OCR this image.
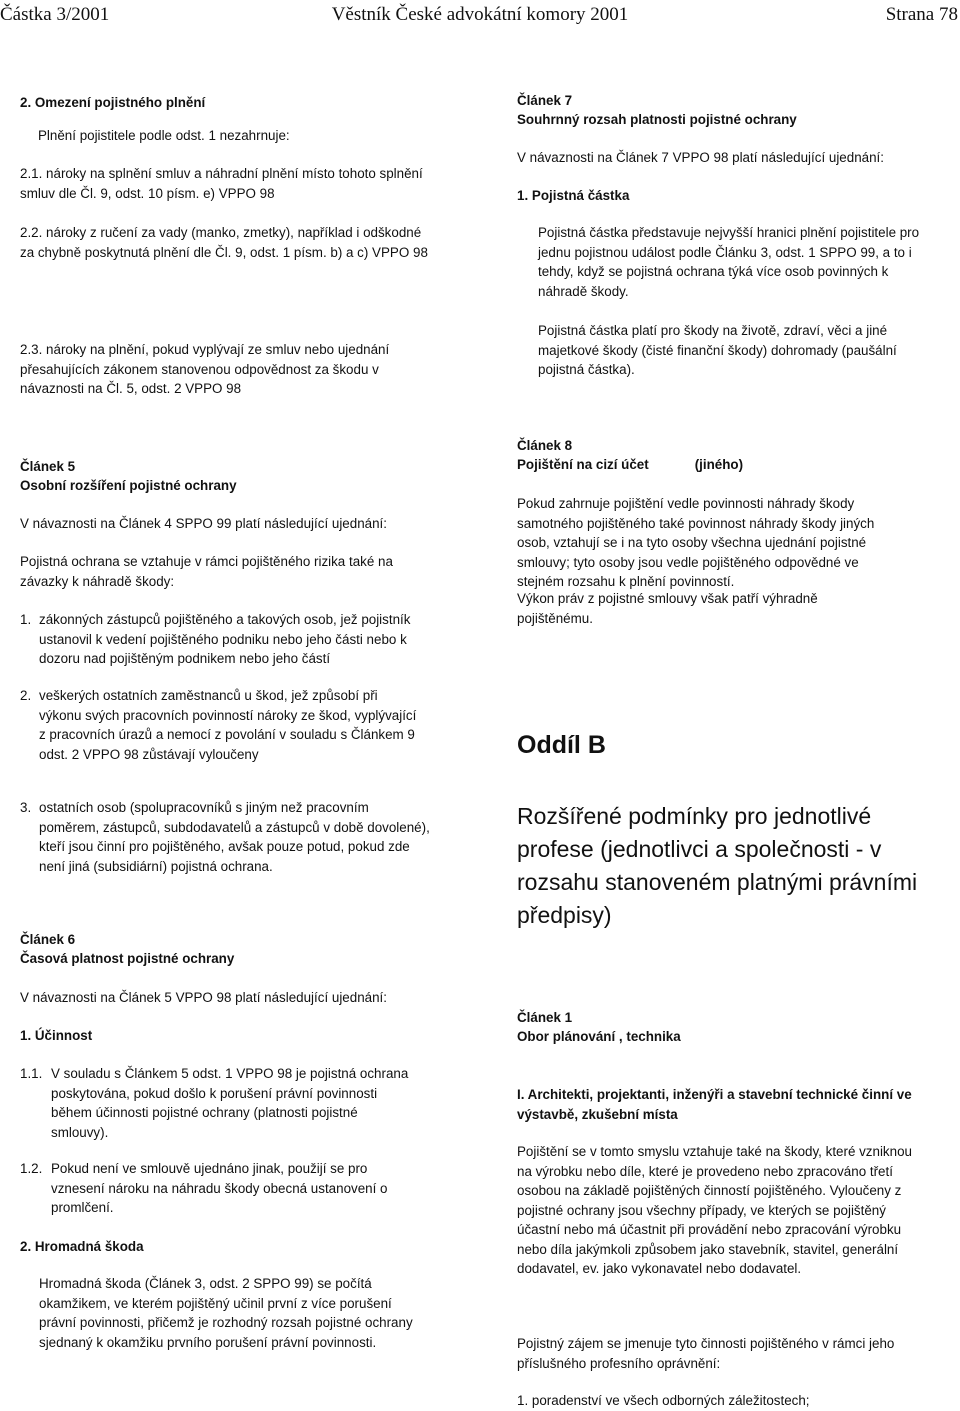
Částka 3/2001	Věstník České advokátní komory 2001	Strana 78

2. Omezení pojistného plnění

Plnění pojistitele podle odst. 1 nezahrnuje:

2.1. nároky na splnění smluv a náhradní plnění místo tohoto splnění smluv dle Čl. 9, odst. 10 písm. e) VPPO 98

2.2. nároky z ručení za vady (manko, zmetky), například i odškodné za chybně poskytnutá plnění dle Čl. 9, odst. 1 písm. b) a c) VPPO 98

2.3. nároky na plnění, pokud vyplývají ze smluv nebo ujednání přesahujících zákonem stanovenou odpovědnost za škodu v návaznosti na Čl. 5, odst. 2 VPPO 98

Článek 5

Osobní rozšíření pojistné ochrany

V návaznosti na Článek 4 SPPO 99 platí následující ujednání:

Pojistná ochrana se vztahuje v rámci pojištěného rizika také na závazky k náhradě škody:

1. zákonných zástupců pojištěného a takových osob, jež pojistník ustanovil k vedení pojištěného podniku nebo jeho části nebo k dozoru nad pojištěným podnikem nebo jeho částí

2. veškerých ostatních zaměstnanců u škod, jež způsobí při výkonu svých pracovních povinností nároky ze škod, vyplývající z pracovních úrazů a nemocí z povolání v souladu s Článkem 9 odst. 2 VPPO 98 zůstávají vyloučeny

3. ostatních osob (spolupracovníků s jiným než pracovním poměrem, zástupců, subdodavatelů a zástupců v době dovolené), kteří jsou činní pro pojištěného, avšak pouze potud, pokud zde není jiná (subsidiární) pojistná ochrana.

Článek 6

Časová platnost pojistné ochrany

V návaznosti na Článek 5 VPPO 98 platí následující ujednání:

1. Účinnost

1.1. V souladu s Článkem 5 odst. 1 VPPO 98 je pojistná ochrana poskytována, pokud došlo k porušení právní povinnosti během účinnosti pojistné ochrany (platnosti pojistné smlouvy).

1.2. Pokud není ve smlouvě ujednáno jinak, použijí se pro vznesení nároku na náhradu škody obecná ustanovení o promlčení.

2. Hromadná škoda

Hromadná škoda (Článek 3, odst. 2 SPPO 99) se počítá okamžikem, ve kterém pojištěný učinil první z více porušení právní povinnosti, přičemž je rozhodný rozsah pojistné ochrany sjednaný k okamžiku prvního porušení právní povinnosti.

Článek 7

Souhrnný rozsah platnosti pojistné ochrany

V návaznosti na Článek 7 VPPO 98 platí následující ujednání:

1. Pojistná částka

Pojistná částka představuje nejvyšší hranici plnění pojistitele pro jednu pojistnou událost podle Článku 3, odst. 1 SPPO 99, a to i tehdy, když se pojistná ochrana týká více osob povinných k náhradě škody.

Pojistná částka platí pro škody na životě, zdraví, věci a jiné majetkové škody (čisté finanční škody) dohromady (paušální pojistná částka).

Článek 8

Pojištění na cizí účet	(jiného)

Pokud zahrnuje pojištění vedle povinnosti náhrady škody samotného pojištěného také povinnost náhrady škody jiných osob, vztahují se i na tyto osoby všechna ujednání pojistné smlouvy; tyto osoby jsou vedle pojištěného odpovědné ve stejném rozsahu k plnění povinností.

Výkon práv z pojistné smlouvy však patří výhradně pojištěnému.

Oddíl B

Rozšířené podmínky pro jednotlivé profese (jednotlivci a společnosti - v rozsahu stanoveném platnými právními předpisy)

Článek 1

Obor plánování , technika

I. Architekti, projektanti, inženýři a stavební technické činní ve výstavbě, zkušební místa

Pojištění se v tomto smyslu vztahuje také na škody, které vzniknou na výrobku nebo díle, které je provedeno nebo zpracováno třetí osobou na základě pojištěných činností pojištěného. Vyloučeny z pojistné ochrany jsou všechny případy, ve kterých se pojištěný účastní nebo má účastnit při provádění nebo zpracování výrobku nebo díla jakýmkoli způsobem jako stavebník, stavitel, generální dodavatel, ev. jako vykonavatel nebo dodavatel.

Pojistný zájem se jmenuje tyto činnosti pojištěného v rámci jeho příslušného profesního oprávnění:

1. poradenství ve všech odborných záležitostech;
